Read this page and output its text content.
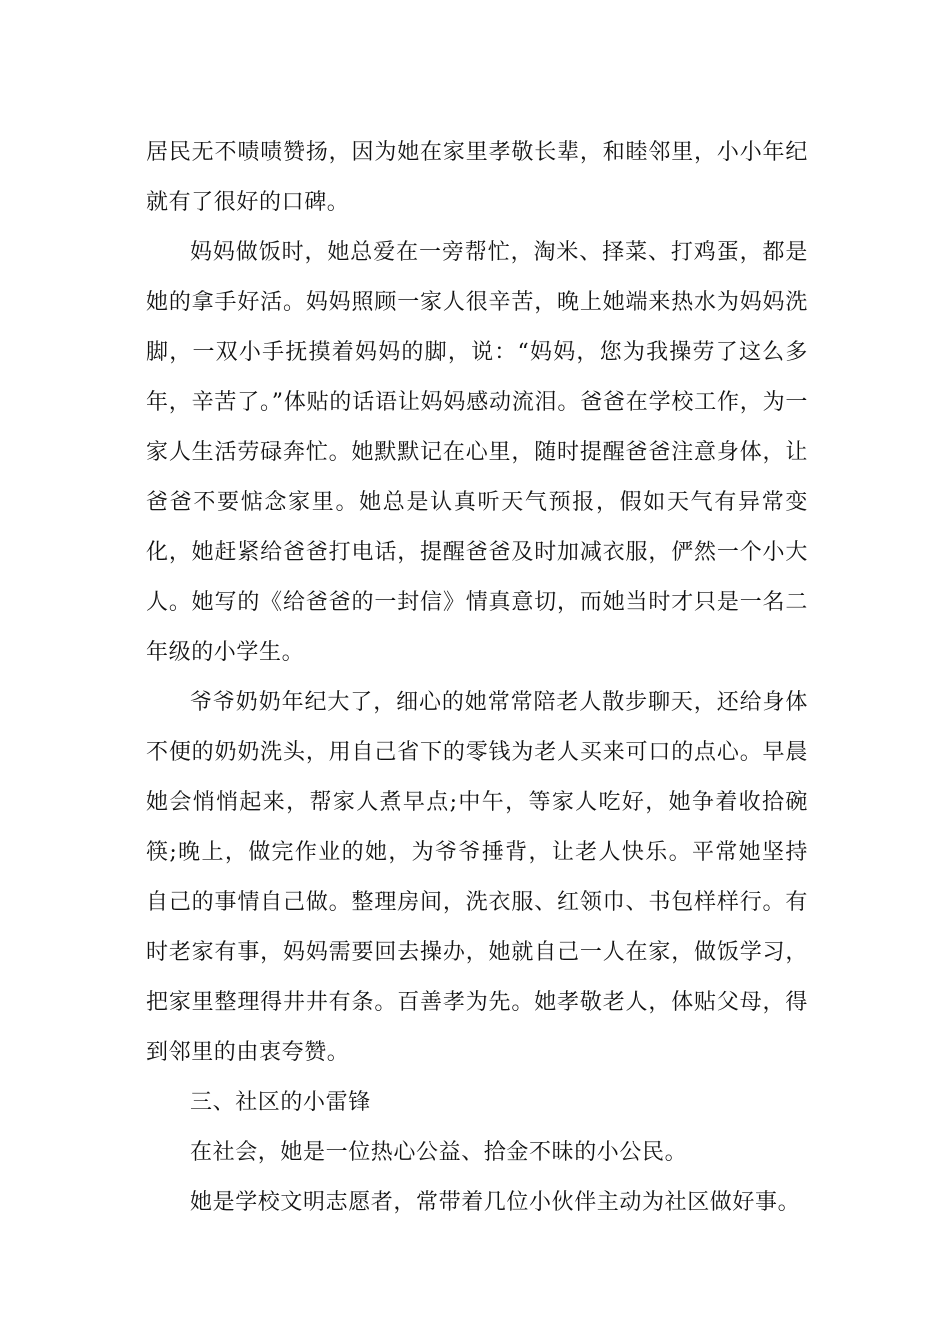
居民无不啧啧赞扬，因为她在家里孝敬长辈，和睦邻里，小小年纪就有了很好的口碑。

妈妈做饭时，她总爱在一旁帮忙，淘米、择菜、打鸡蛋，都是她的拿手好活。妈妈照顾一家人很辛苦，晚上她端来热水为妈妈洗脚，一双小手抚摸着妈妈的脚，说：“妈妈，您为我操劳了这么多年，辛苦了。”体贴的话语让妈妈感动流泪。爸爸在学校工作，为一家人生活劳碌奔忙。她默默记在心里，随时提醒爸爸注意身体，让爸爸不要惦念家里。她总是认真听天气预报，假如天气有异常变化，她赶紧给爸爸打电话，提醒爸爸及时加减衣服，俨然一个小大人。她写的《给爸爸的一封信》情真意切，而她当时才只是一名二年级的小学生。

爷爷奶奶年纪大了，细心的她常常陪老人散步聊天，还给身体不便的奶奶洗头，用自己省下的零钱为老人买来可口的点心。早晨她会悄悄起来，帮家人煮早点;中午，等家人吃好，她争着收拾碗筷;晚上，做完作业的她，为爷爷捶背，让老人快乐。平常她坚持自己的事情自己做。整理房间，洗衣服、红领巾、书包样样行。有时老家有事，妈妈需要回去操办，她就自己一人在家，做饭学习，把家里整理得井井有条。百善孝为先。她孝敬老人，体贴父母，得到邻里的由衷夸赞。

三、社区的小雷锋

在社会，她是一位热心公益、拾金不昧的小公民。

她是学校文明志愿者，常带着几位小伙伴主动为社区做好事。
